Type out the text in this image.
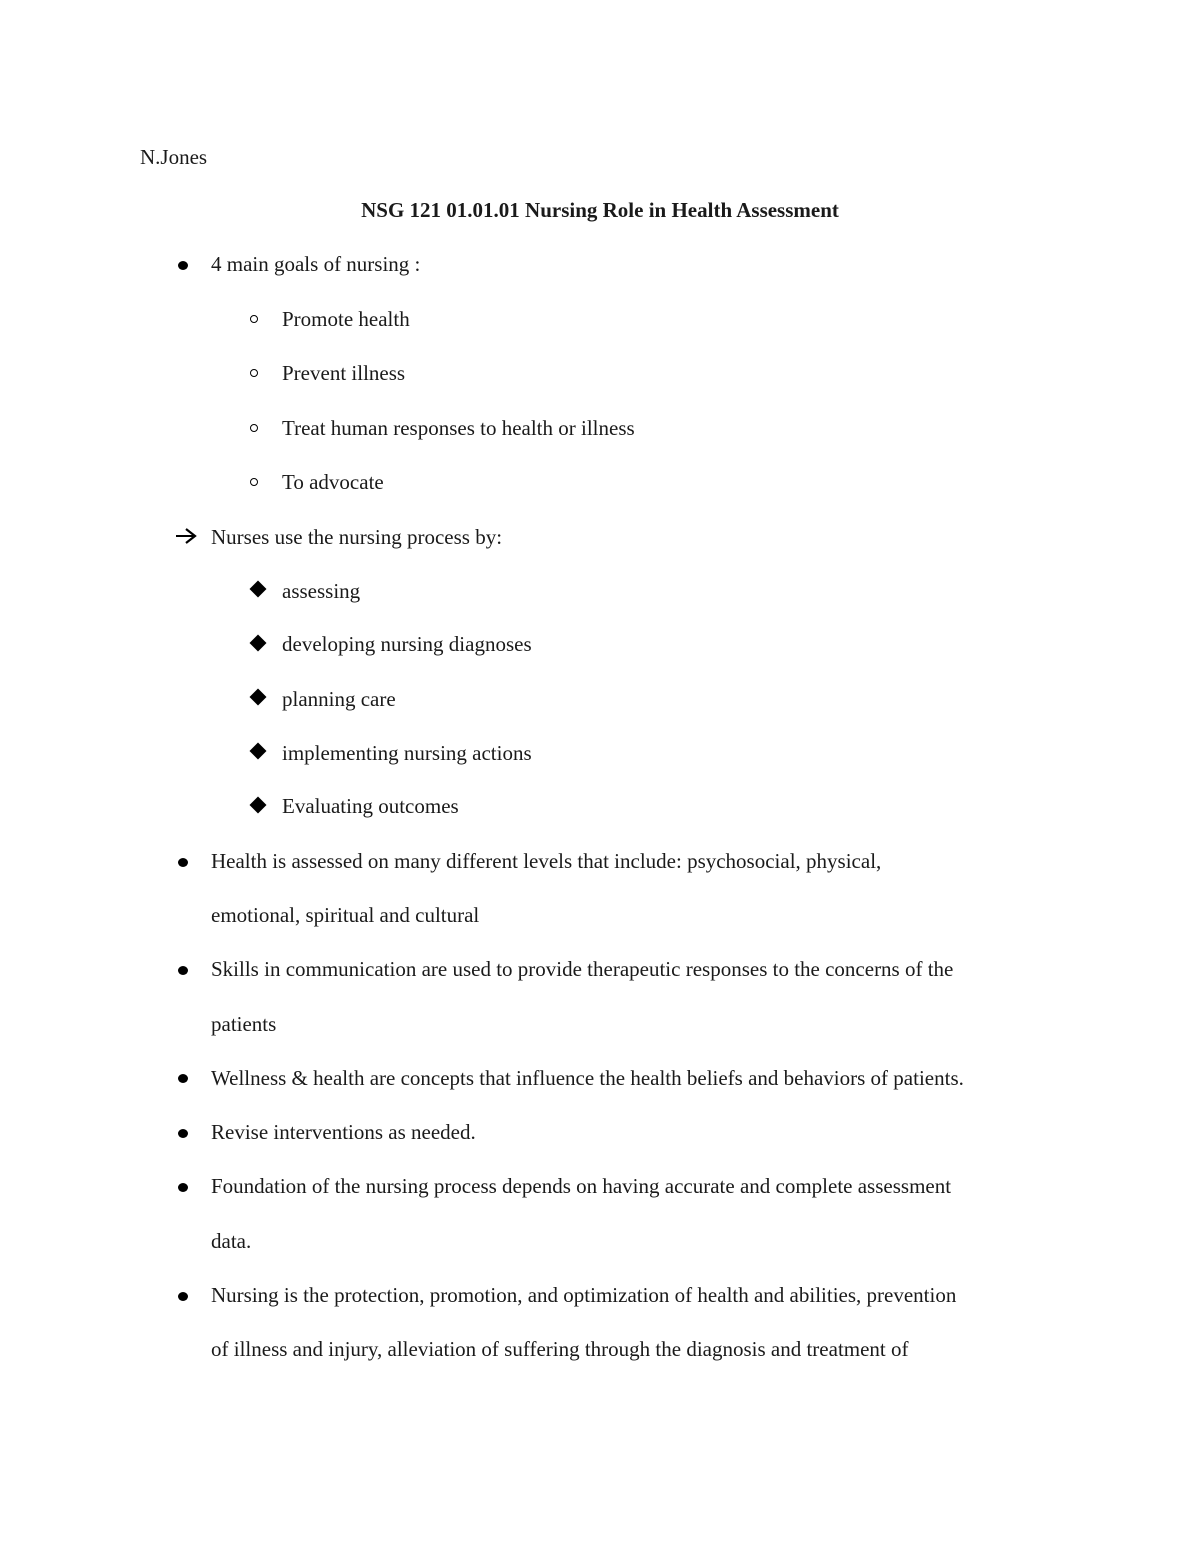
N.Jones
NSG 121 01.01.01 Nursing Role in Health Assessment
4 main goals of nursing :
Promote health
Prevent illness
Treat human responses to health or illness
To advocate
Nurses use the nursing process by:
assessing
developing nursing diagnoses
planning care
implementing nursing actions
Evaluating outcomes
Health is assessed on many different levels that include: psychosocial, physical,
emotional, spiritual and cultural
Skills in communication are used to provide therapeutic responses to the concerns of the
patients
Wellness & health are concepts that influence the health beliefs and behaviors of patients.
Revise interventions as needed.
Foundation of the nursing process depends on having accurate and complete assessment
data.
Nursing is the protection, promotion, and optimization of health and abilities, prevention
of illness and injury, alleviation of suffering through the diagnosis and treatment of
